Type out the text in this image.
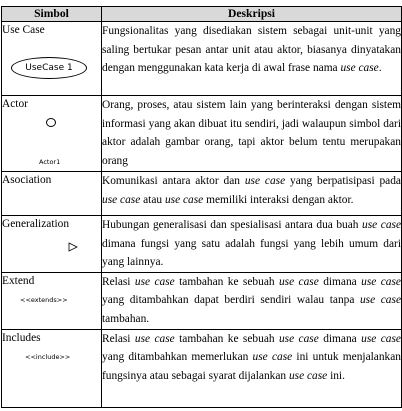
Simbol	Deskripsi

Use Case
UseCase 1	Fungsionalitas yang disediakan sistem sebagai unit-unit yang saling bertukar pesan antar unit atau aktor, biasanya dinyatakan dengan menggunakan kata kerja di awal frase nama use case.

Actor
Actor1	Orang, proses, atau sistem lain yang berinteraksi dengan sistem informasi yang akan dibuat itu sendiri, jadi walaupun simbol dari aktor adalah gambar orang, tapi aktor belum tentu merupakan orang

Asociation	Komunikasi antara aktor dan use case yang berpatisipasi pada use case atau use case memiliki interaksi dengan aktor.

Generalization	Hubungan generalisasi dan spesialisasi antara dua buah use case dimana fungsi yang satu adalah fungsi yang lebih umum dari yang lainnya.

Extend
<<extends>>	Relasi use case tambahan ke sebuah use case dimana use case yang ditambahkan dapat berdiri sendiri walau tanpa use case tambahan.

Includes
<<include>>	Relasi use case tambahan ke sebuah use case dimana use case yang ditambahkan memerlukan use case ini untuk menjalankan fungsinya atau sebagai syarat dijalankan use case ini.
